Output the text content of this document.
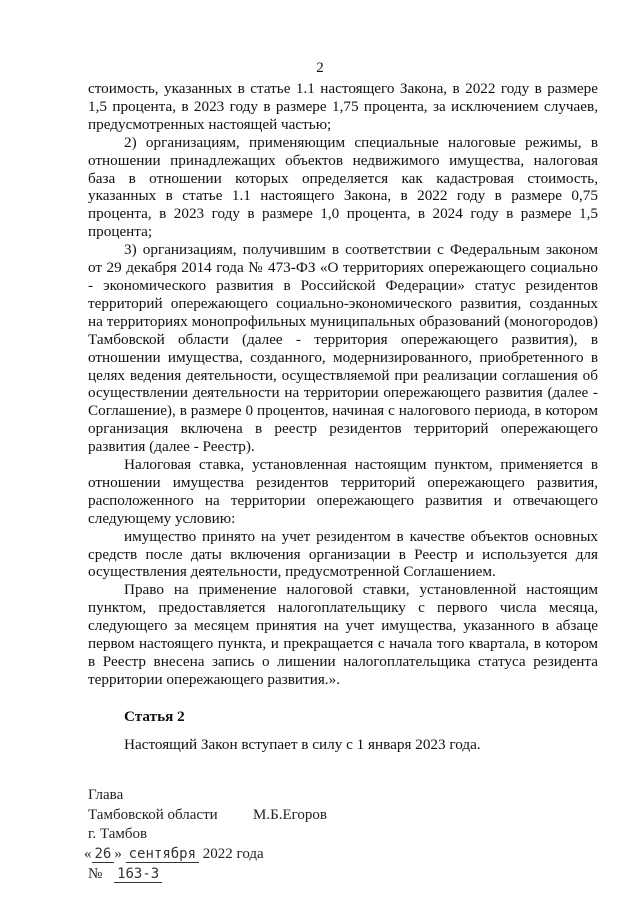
2

стоимость, указанных в статье 1.1 настоящего Закона, в 2022 году в размере 1,5 процента, в 2023 году в размере 1,75 процента, за исключением случаев, предусмотренных настоящей частью;

2) организациям, применяющим специальные налоговые режимы, в отношении принадлежащих объектов недвижимого имущества, налоговая база в отношении которых определяется как кадастровая стоимость, указанных в статье 1.1 настоящего Закона, в 2022 году в размере 0,75 процента, в 2023 году в размере 1,0 процента, в 2024 году в размере 1,5 процента;

3) организациям, получившим в соответствии с Федеральным законом от 29 декабря 2014 года № 473-ФЗ «О территориях опережающего социально - экономического развития в Российской Федерации» статус резидентов территорий опережающего социально-экономического развития, созданных на территориях монопрофильных муниципальных образований (моногородов) Тамбовской области (далее - территория опережающего развития), в отношении имущества, созданного, модернизированного, приобретенного в целях ведения деятельности, осуществляемой при реализации соглашения об осуществлении деятельности на территории опережающего развития (далее - Соглашение), в размере 0 процентов, начиная с налогового периода, в котором организация включена в реестр резидентов территорий опережающего развития (далее - Реестр).

Налоговая ставка, установленная настоящим пунктом, применяется в отношении имущества резидентов территорий опережающего развития, расположенного на территории опережающего развития и отвечающего следующему условию:

имущество принято на учет резидентом в качестве объектов основных средств после даты включения организации в Реестр и используется для осуществления деятельности, предусмотренной Соглашением.

Право на применение налоговой ставки, установленной настоящим пунктом, предоставляется налогоплательщику с первого числа месяца, следующего за месяцем принятия на учет имущества, указанного в абзаце первом настоящего пункта, и прекращается с начала того квартала, в котором в Реестр внесена запись о лишении налогоплательщика статуса резидента территории опережающего развития.».

Статья 2
Настоящий Закон вступает в силу с 1 января 2023 года.
Глава
Тамбовской области М.Б.Егоров
г. Тамбов
« 26 » сентября 2022 года
№ 163-З
